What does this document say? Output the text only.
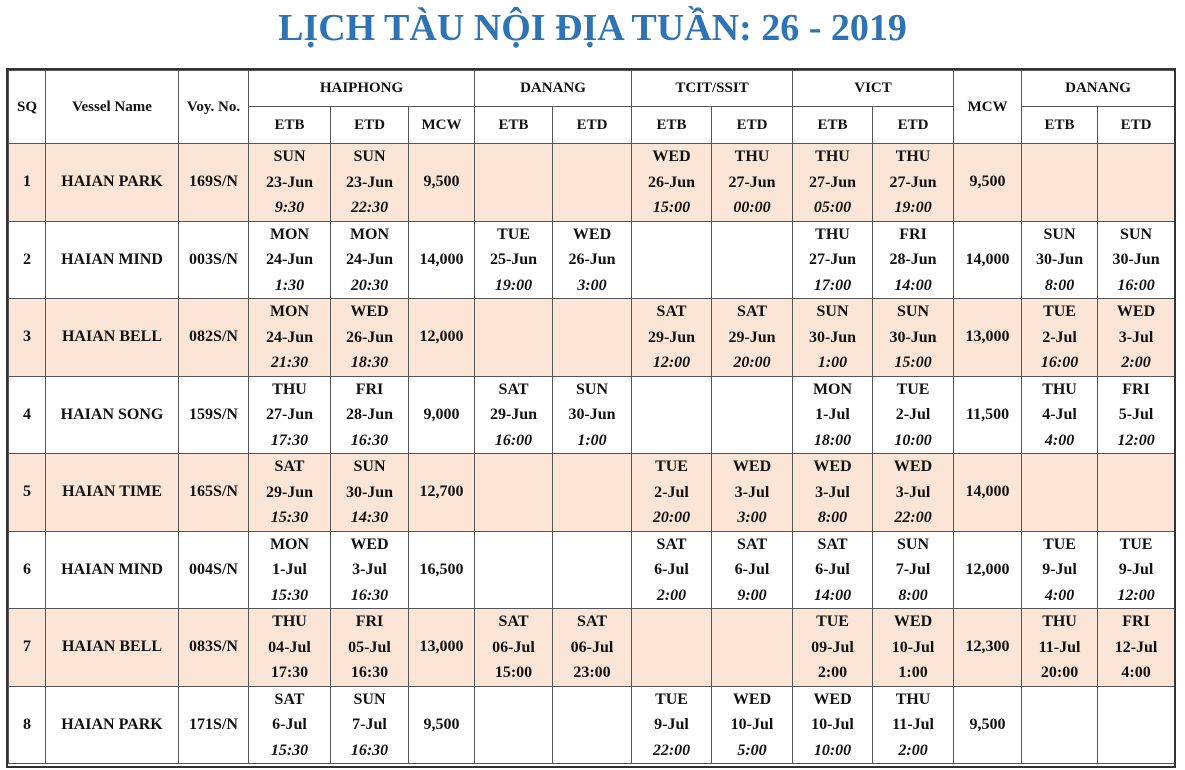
LỊCH TÀU NỘI ĐỊA TUẦN: 26 - 2019
SQ	Vessel Name	Voy. No.	HAIPHONG			DANANG		TCIT/SSIT		VICT		MCW	DANANG	
			ETB	ETD	MCW	ETB	ETD	ETB	ETD	ETB	ETD		ETB	ETD
1	HAIAN PARK	169S/N	SUN
23-Jun
9:30	SUN
23-Jun
22:30	9,500			WED
26-Jun
15:00	THU
27-Jun
00:00	THU
27-Jun
05:00	THU
27-Jun
19:00	9,500		
2	HAIAN MIND	003S/N	MON
24-Jun
1:30	MON
24-Jun
20:30	14,000	TUE
25-Jun
19:00	WED
26-Jun
3:00			THU
27-Jun
17:00	FRI
28-Jun
14:00	14,000	SUN
30-Jun
8:00	SUN
30-Jun
16:00

3	HAIAN BELL	082S/N	MON
24-Jun
21:30	WED
26-Jun
18:30	12,000			SAT
29-Jun
12:00	SAT
29-Jun
20:00	SUN
30-Jun
1:00	SUN
30-Jun
15:00	13,000	TUE
2-Jul
16:00	WED
3-Jul
2:00

4	HAIAN SONG	159S/N	THU
27-Jun
17:30	FRI
28-Jun
16:30	9,000	SAT
29-Jun
16:00	SUN
30-Jun
1:00			MON
1-Jul
18:00	TUE
2-Jul
10:00	11,500	THU
4-Jul
4:00	FRI
5-Jul
12:00

5	HAIAN TIME	165S/N	SAT
29-Jun
15:30	SUN
30-Jun
14:30	12,700			TUE
2-Jul
20:00	WED
3-Jul
3:00	WED
3-Jul
8:00	WED
3-Jul
22:00	14,000		
6	HAIAN MIND	004S/N	MON
1-Jul
15:30	WED
3-Jul
16:30	16,500			SAT
6-Jul
2:00	SAT
6-Jul
9:00	SAT
6-Jul
14:00	SUN
7-Jul
8:00	12,000	TUE
9-Jul
4:00	TUE
9-Jul
12:00

7	HAIAN BELL	083S/N	THU
04-Jul
17:30	FRI
05-Jul
16:30	13,000	SAT
06-Jul
15:00	SAT
06-Jul
23:00			TUE
09-Jul
2:00	WED
10-Jul
1:00	12,300	THU
11-Jul
20:00	FRI
12-Jul
4:00

8	HAIAN PARK	171S/N	SAT
6-Jul
15:30	SUN
7-Jul
16:30	9,500			TUE
9-Jul
22:00	WED
10-Jul
5:00	WED
10-Jul
10:00	THU
11-Jul
2:00	9,500		
